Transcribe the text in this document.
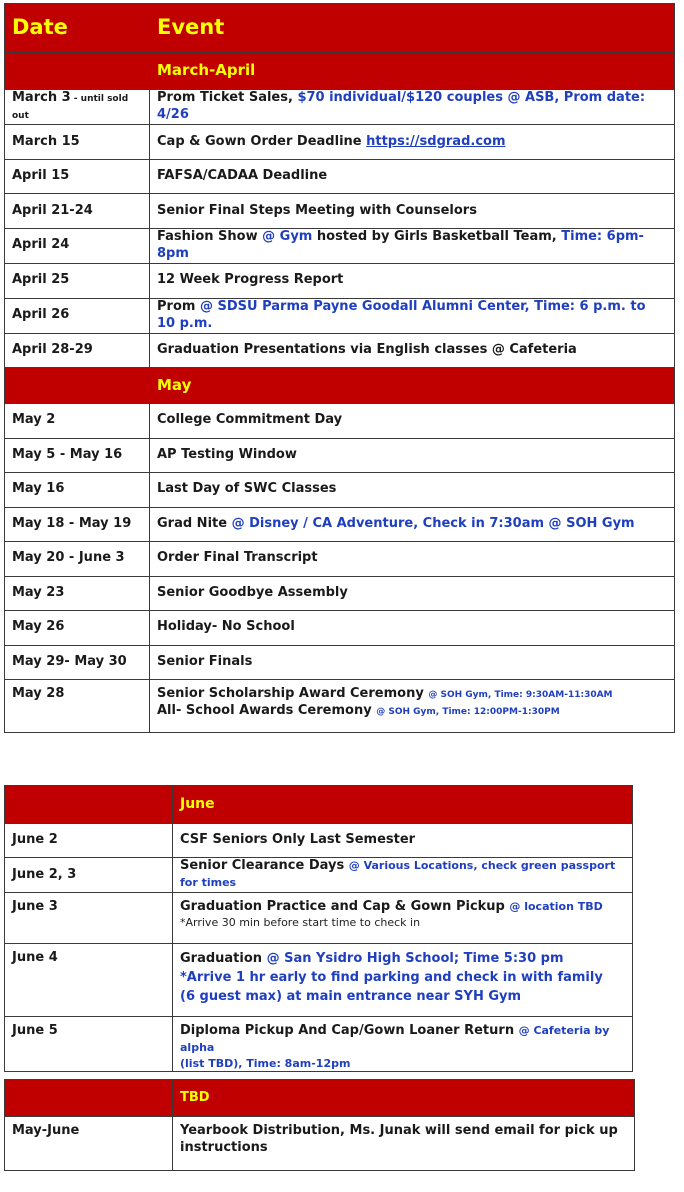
Date	Event
	March-April
March 3 - until sold out	Prom Ticket Sales, $70 individual/$120 couples @ ASB, Prom date: 4/26
March 15	Cap & Gown Order Deadline https://sdgrad.com
April 15	FAFSA/CADAA Deadline
April 21-24	Senior Final Steps Meeting with Counselors
April 24	Fashion Show @ Gym hosted by Girls Basketball Team, Time: 6pm-8pm
April 25	12 Week Progress Report
April 26	Prom @ SDSU Parma Payne Goodall Alumni Center, Time: 6 p.m. to 10 p.m.
April 28-29	Graduation Presentations via English classes @ Cafeteria
	May
May 2	College Commitment Day
May 5 - May 16	AP Testing Window
May 16	Last Day of SWC Classes
May 18 - May 19	Grad Nite @ Disney / CA Adventure, Check in 7:30am @ SOH Gym
May 20 - June 3	Order Final Transcript
May 23	Senior Goodbye Assembly
May 26	Holiday- No School
May 29- May 30	Senior Finals
May 28	Senior Scholarship Award Ceremony @ SOH Gym, Time: 9:30AM-11:30AM
All- School Awards Ceremony @ SOH Gym, Time: 12:00PM-1:30PM
	June
June 2	CSF Seniors Only Last Semester
June 2, 3	Senior Clearance Days @ Various Locations, check green passport for times
June 3	Graduation Practice and Cap & Gown Pickup @ location TBD
*Arrive 30 min before start time to check in

June 4	Graduation @ San Ysidro High School; Time 5:30 pm
*Arrive 1 hr early to find parking and check in with family
(6 guest max) at main entrance near SYH Gym

June 5	Diploma Pickup And Cap/Gown Loaner Return @ Cafeteria by alpha
(list TBD), Time: 8am-12pm
	TBD
May-June	Yearbook Distribution, Ms. Junak will send email for pick up
instructions
